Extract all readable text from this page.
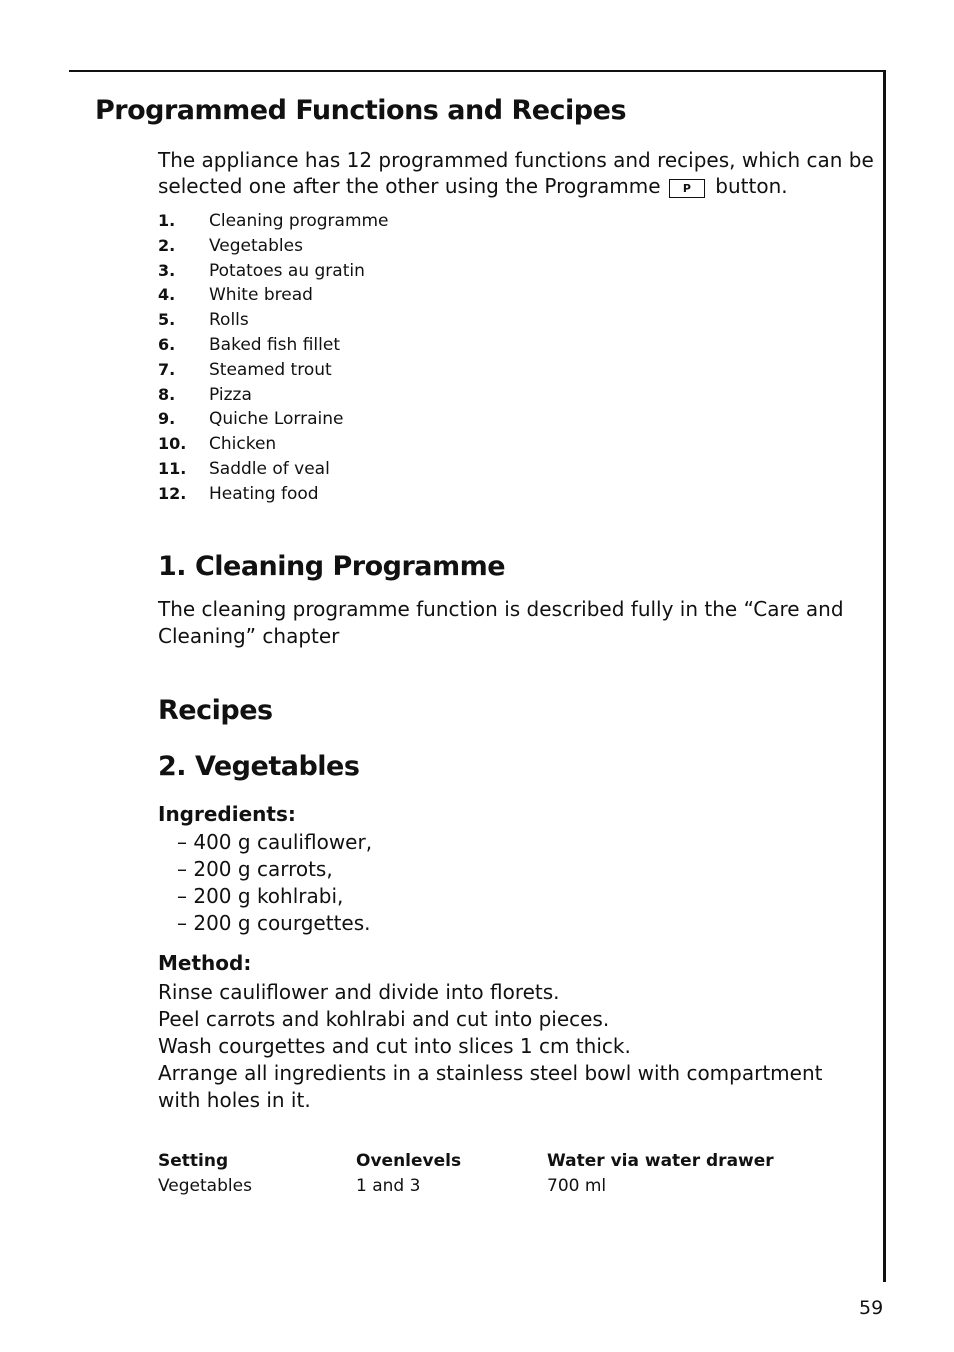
Programmed Functions and Recipes

The appliance has 12 programmed functions and recipes, which can be selected one after the other using the Programme P button.

1. Cleaning programme
2. Vegetables
3. Potatoes au gratin
4. White bread
5. Rolls
6. Baked fish fillet
7. Steamed trout
8. Pizza
9. Quiche Lorraine
10. Chicken
11. Saddle of veal
12. Heating food
1. Cleaning Programme

The cleaning programme function is described fully in the “Care and Cleaning” chapter

Recipes
2. Vegetables

Ingredients:

– 400 g cauliflower,
– 200 g carrots,
– 200 g kohlrabi,
– 200 g courgettes.

Method:

Rinse cauliflower and divide into florets.
Peel carrots and kohlrabi and cut into pieces.
Wash courgettes and cut into slices 1 cm thick.
Arrange all ingredients in a stainless steel bowl with compartment with holes in it.
Setting	Ovenlevels	Water via water drawer
Vegetables	1 and 3	700 ml
59
